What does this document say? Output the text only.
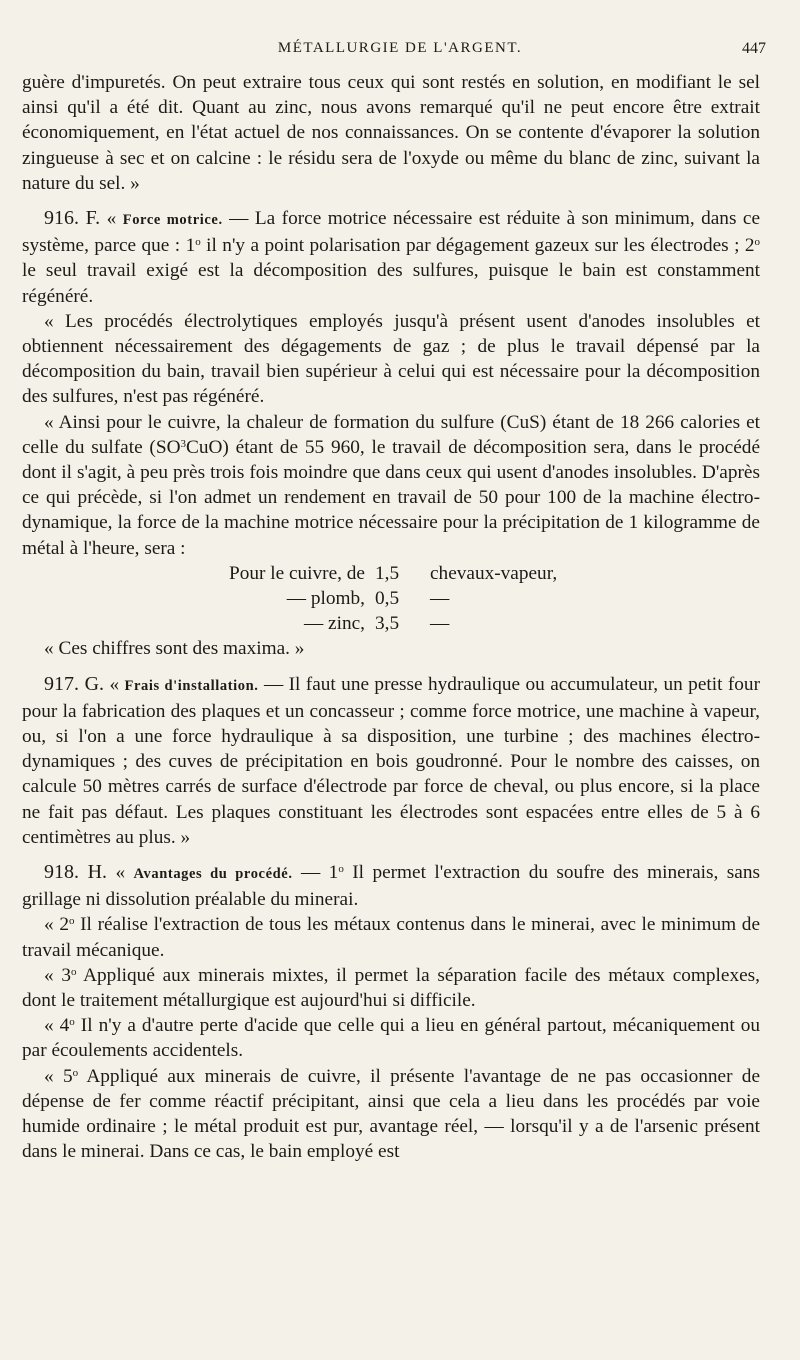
MÉTALLURGIE DE L'ARGENT.	447

guère d'impuretés. On peut extraire tous ceux qui sont restés en solution, en modifiant le sel ainsi qu'il a été dit. Quant au zinc, nous avons remarqué qu'il ne peut encore être extrait économiquement, en l'état actuel de nos connaissances. On se contente d'évaporer la solution zingueuse à sec et on calcine : le résidu sera de l'oxyde ou même du blanc de zinc, suivant la nature du sel. »

916. F. « Force motrice. — La force motrice nécessaire est réduite à son minimum, dans ce système, parce que : 1$^o$ il n'y a point polarisation par dégagement gazeux sur les électrodes ; 2$^o$ le seul travail exigé est la décomposition des sulfures, puisque le bain est constamment régénéré.

« Les procédés électrolytiques employés jusqu'à présent usent d'anodes insolubles et obtiennent nécessairement des dégagements de gaz ; de plus le travail dépensé par la décomposition du bain, travail bien supérieur à celui qui est nécessaire pour la décomposition des sulfures, n'est pas régénéré.

« Ainsi pour le cuivre, la chaleur de formation du sulfure (CuS) étant de 18 266 calories et celle du sulfate $(SO^3CuO)$ étant de 55 960, le travail de décomposition sera, dans le procédé dont il s'agit, à peu près trois fois moindre que dans ceux qui usent d'anodes insolubles. D'après ce qui précède, si l'on admet un rendement en travail de 50 pour 100 de la machine électro-dynamique, la force de la machine motrice nécessaire pour la précipitation de 1 kilogramme de métal à l'heure, sera :

Pour le cuivre, de 1,5	chevaux-vapeur,
— plomb, 0,5	—
— zinc, 3,5	—

« Ces chiffres sont des maxima. »

917. G. « Frais d'installation. — Il faut une presse hydraulique ou accumulateur, un petit four pour la fabrication des plaques et un concasseur ; comme force motrice, une machine à vapeur, ou, si l'on a une force hydraulique à sa disposition, une turbine ; des machines électro-dynamiques ; des cuves de précipitation en bois goudronné. Pour le nombre des caisses, on calcule 50 mètres carrés de surface d'électrode par force de cheval, ou plus encore, si la place ne fait pas défaut. Les plaques constituant les électrodes sont espacées entre elles de 5 à 6 centimètres au plus. »

918. H. « Avantages du procédé. — 1$^o$ Il permet l'extraction du soufre des minerais, sans grillage ni dissolution préalable du minerai.

« 2$^o$ Il réalise l'extraction de tous les métaux contenus dans le minerai, avec le minimum de travail mécanique.

« 3$^o$ Appliqué aux minerais mixtes, il permet la séparation facile des métaux complexes, dont le traitement métallurgique est aujourd'hui si difficile.

« 4$^o$ Il n'y a d'autre perte d'acide que celle qui a lieu en général partout, mécaniquement ou par écoulements accidentels.

« 5$^o$ Appliqué aux minerais de cuivre, il présente l'avantage de ne pas occasionner de dépense de fer comme réactif précipitant, ainsi que cela a lieu dans les procédés par voie humide ordinaire ; le métal produit est pur, avantage réel, — lorsqu'il y a de l'arsenic présent dans le minerai. Dans ce cas, le bain employé est
